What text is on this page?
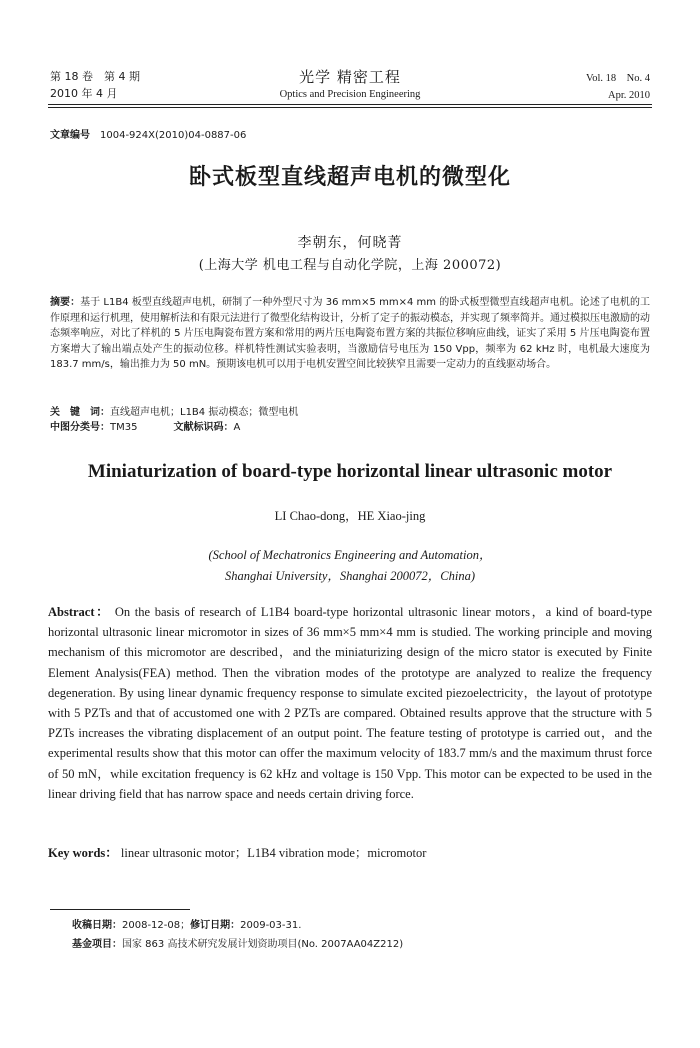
第 18 卷　第 4 期
2010 年 4 月
光学 精密工程
Optics and Precision Engineering
Vol. 18　No. 4
Apr. 2010
文章编号 1004-924X(2010)04-0887-06
卧式板型直线超声电机的微型化
李朝东，何晓菁
(上海大学 机电工程与自动化学院，上海 200072)
摘要：基于 L1B4 板型直线超声电机，研制了一种外型尺寸为 36 mm×5 mm×4 mm 的卧式板型微型直线超声电机。论述了电机的工作原理和运行机理，使用解析法和有限元法进行了微型化结构设计，分析了定子的振动模态，并实现了频率简并。通过模拟压电激励的动态频率响应，对比了样机的 5 片压电陶瓷布置方案和常用的两片压电陶瓷布置方案的共振位移响应曲线，证实了采用 5 片压电陶瓷布置方案增大了输出端点处产生的振动位移。样机特性测试实验表明，当激励信号电压为 150 Vpp，频率为 62 kHz 时，电机最大速度为 183.7 mm/s，输出推力为 50 mN。预期该电机可以用于电机安置空间比较狭窄且需要一定动力的直线驱动场合。
关　键　词：直线超声电机；L1B4 振动模态；微型电机
中图分类号：TM35	文献标识码：A
Miniaturization of board-type horizontal linear ultrasonic motor
LI Chao-dong，HE Xiao-jing
(School of Mechatronics Engineering and Automation，
Shanghai University，Shanghai 200072，China)
Abstract： On the basis of research of L1B4 board-type horizontal ultrasonic linear motors，a kind of board-type horizontal ultrasonic linear micromotor in sizes of 36 mm×5 mm×4 mm is studied. The working principle and moving mechanism of this micromotor are described，and the miniaturizing design of the micro stator is executed by Finite Element Analysis(FEA) method. Then the vibration modes of the prototype are analyzed to realize the frequency degeneration. By using linear dynamic frequency response to simulate excited piezoelectricity，the layout of prototype with 5 PZTs and that of accustomed one with 2 PZTs are compared. Obtained results approve that the structure with 5 PZTs increases the vibrating displacement of an output point. The feature testing of prototype is carried out，and the experimental results show that this motor can offer the maximum velocity of 183.7 mm/s and the maximum thrust force of 50 mN，while excitation frequency is 62 kHz and voltage is 150 Vpp. This motor can be expected to be used in the linear driving field that has narrow space and needs certain driving force.
Key words： linear ultrasonic motor；L1B4 vibration mode；micromotor
收稿日期：2008-12-08；修订日期：2009-03-31.
基金项目：国家 863 高技术研究发展计划资助项目(No. 2007AA04Z212)
